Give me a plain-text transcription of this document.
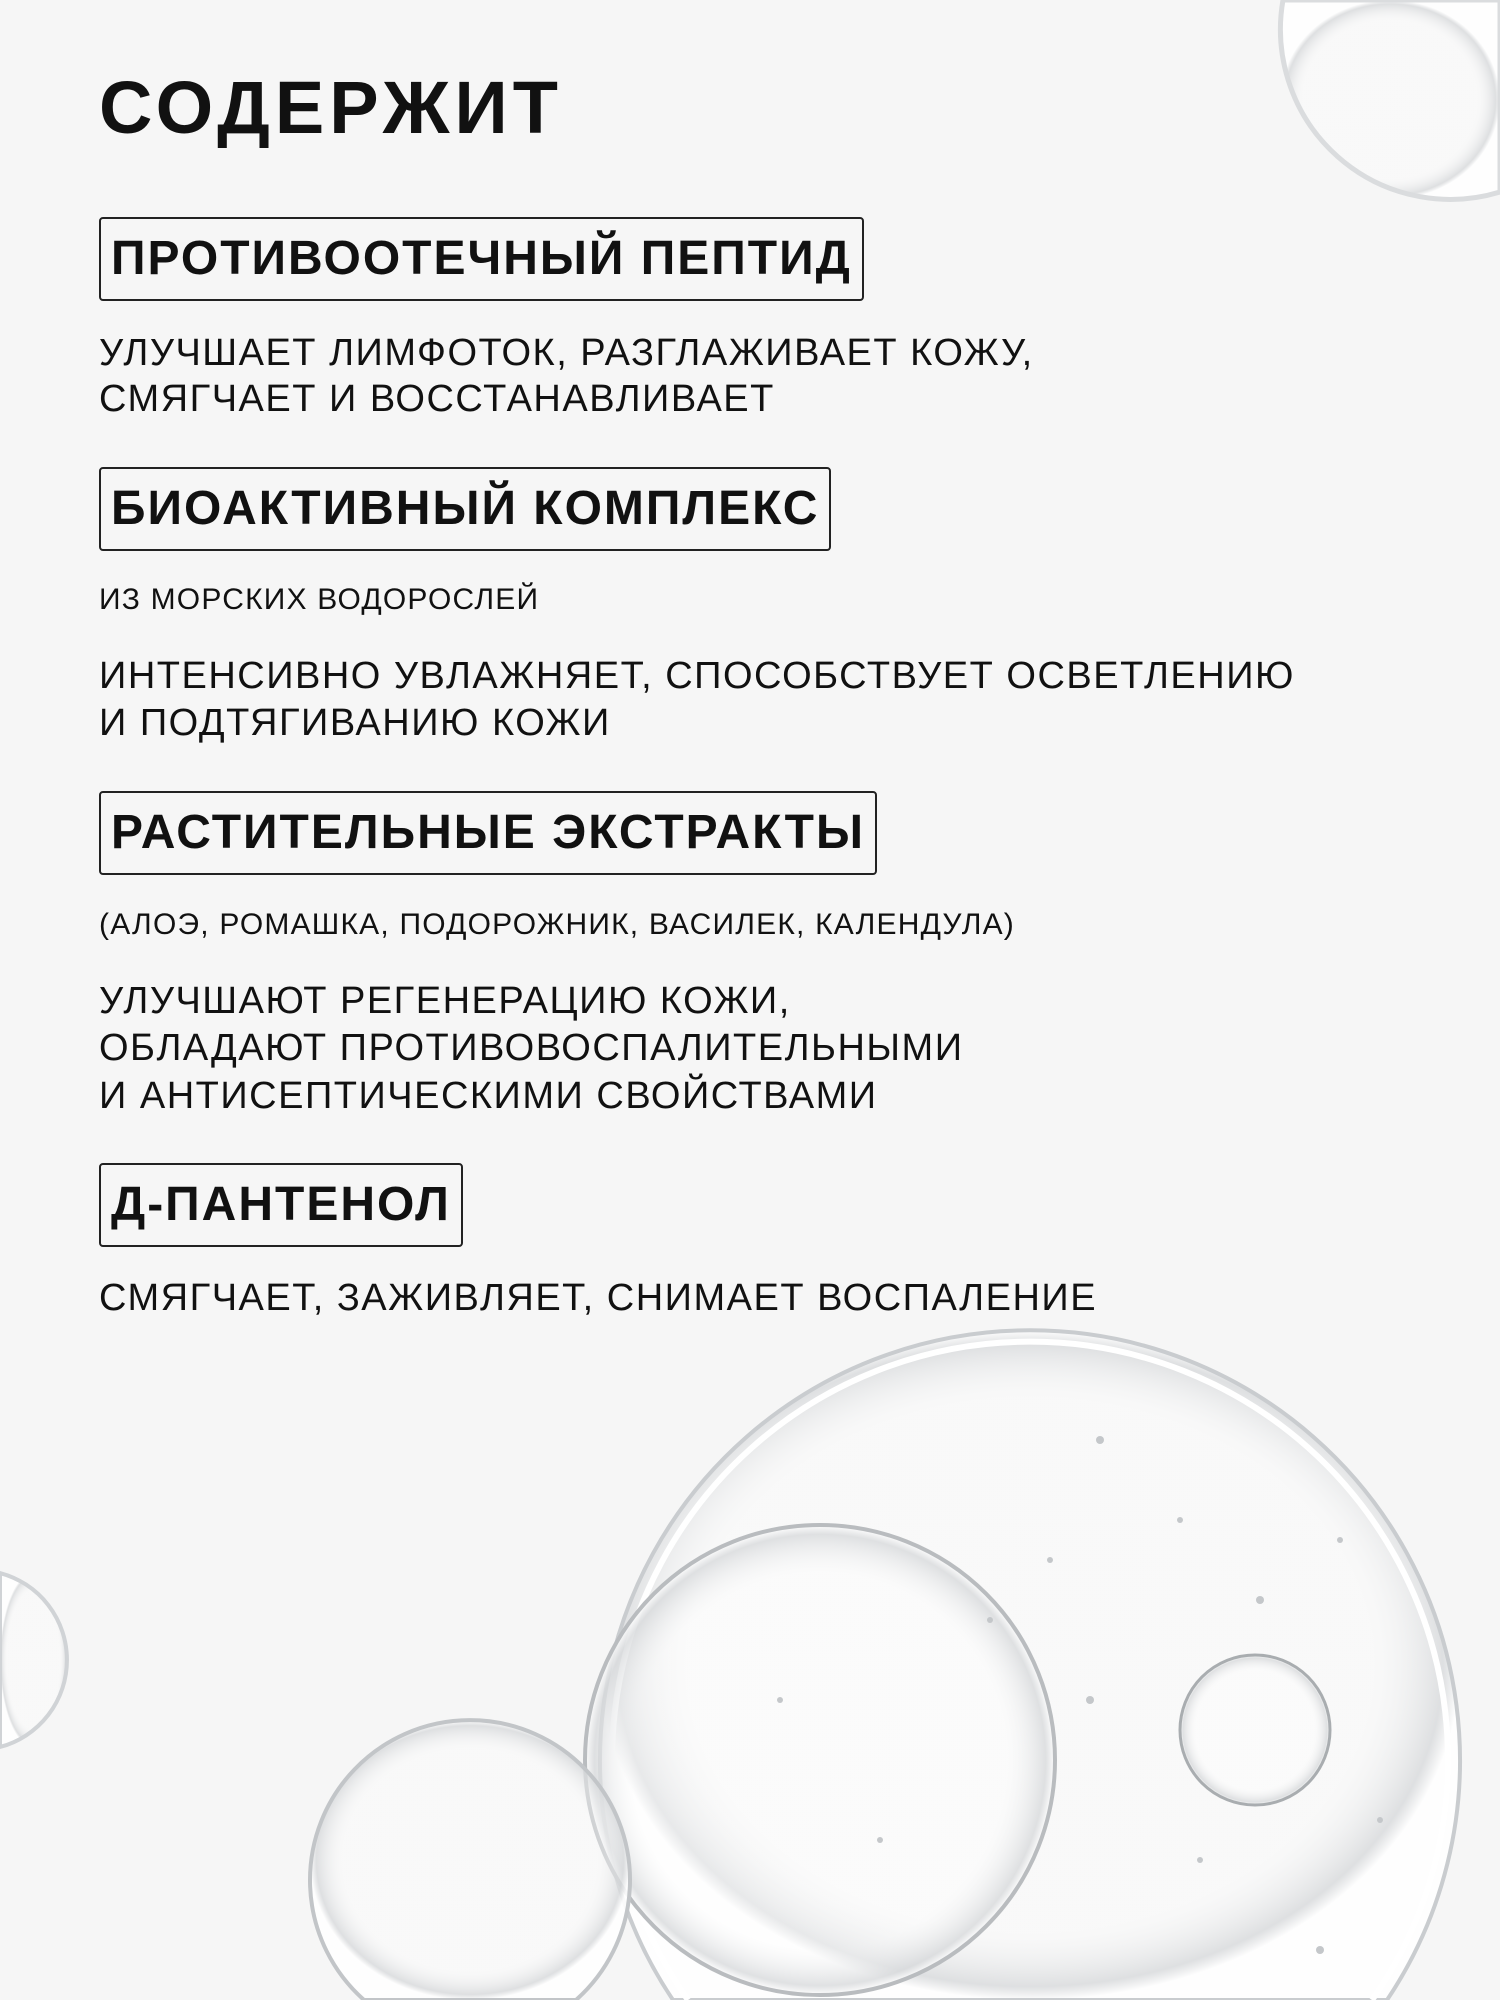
СОДЕРЖИТ
ПРОТИВООТЕЧНЫЙ ПЕПТИД
УЛУЧШАЕТ ЛИМФОТОК, РАЗГЛАЖИВАЕТ КОЖУ,
СМЯГЧАЕТ И ВОССТАНАВЛИВАЕТ
БИОАКТИВНЫЙ КОМПЛЕКС
ИЗ МОРСКИХ ВОДОРОСЛЕЙ
ИНТЕНСИВНО УВЛАЖНЯЕТ, СПОСОБСТВУЕТ ОСВЕТЛЕНИЮ
И ПОДТЯГИВАНИЮ КОЖИ
РАСТИТЕЛЬНЫЕ ЭКСТРАКТЫ
(АЛОЭ, РОМАШКА, ПОДОРОЖНИК, ВАСИЛЕК, КАЛЕНДУЛА)
УЛУЧШАЮТ РЕГЕНЕРАЦИЮ КОЖИ,
ОБЛАДАЮТ ПРОТИВОВОСПАЛИТЕЛЬНЫМИ
И АНТИСЕПТИЧЕСКИМИ СВОЙСТВАМИ
Д-ПАНТЕНОЛ
СМЯГЧАЕТ, ЗАЖИВЛЯЕТ, СНИМАЕТ ВОСПАЛЕНИЕ
